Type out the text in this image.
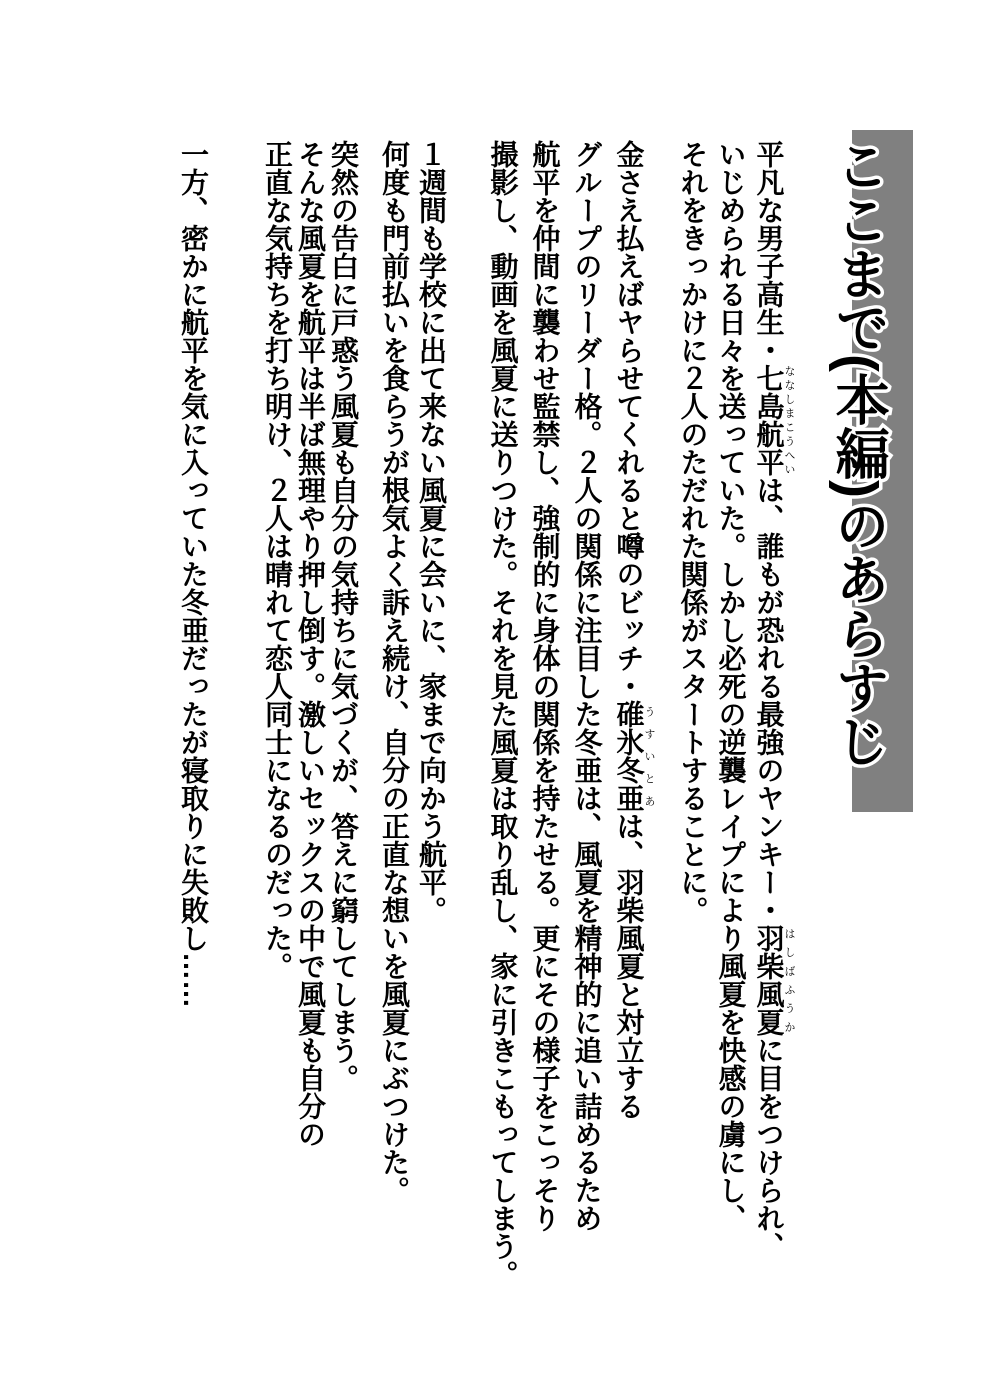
ここまで(本編)のあらすじ
平凡な男子高生・七島航平ななしまこうへいは、誰もが恐れる最強のヤンキー・羽柴風夏はしばふうかに目をつけられ、
いじめられる日々を送っていた。しかし必死の逆襲レイプにより風夏を快感の虜にし、
それをきっかけに２人のただれた関係がスタートすることに。
金さえ払えばヤらせてくれると噂のビッチ・碓氷冬亜うすいとあは、羽柴風夏と対立する
グループのリーダー格。２人の関係に注目した冬亜は、風夏を精神的に追い詰めるため
航平を仲間に襲わせ監禁し、強制的に身体の関係を持たせる。更にその様子をこっそり
撮影し、動画を風夏に送りつけた。それを見た風夏は取り乱し、家に引きこもってしまう。
１週間も学校に出て来ない風夏に会いに、家まで向かう航平。
何度も門前払いを食らうが根気よく訴え続け、自分の正直な想いを風夏にぶつけた。
突然の告白に戸惑う風夏も自分の気持ちに気づくが、答えに窮してしまう。
そんな風夏を航平は半ば無理やり押し倒す。激しいセックスの中で風夏も自分の
正直な気持ちを打ち明け、２人は晴れて恋人同士になるのだった。
一方、密かに航平を気に入っていた冬亜だったが寝取りに失敗し……
